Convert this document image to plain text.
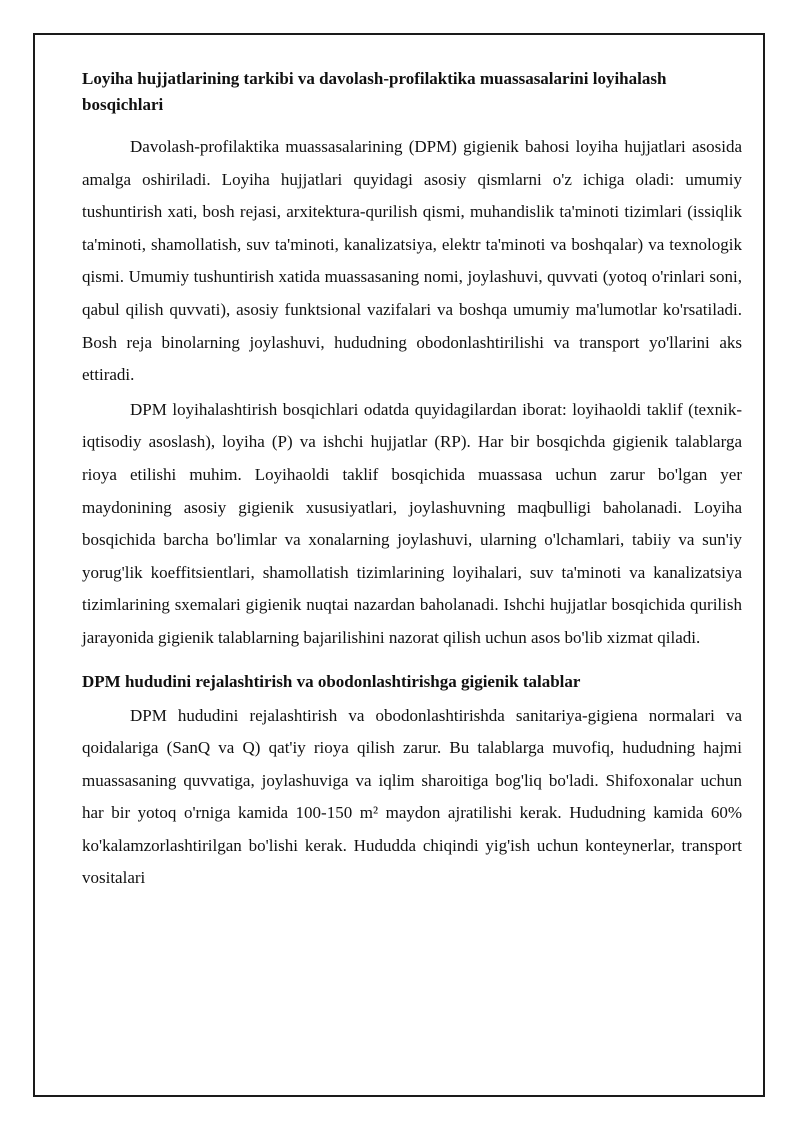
Loyiha hujjatlarining tarkibi va davolash-profilaktika muassasalarini loyihalash bosqichlari

Davolash-profilaktika muassasalarining (DPM) gigienik bahosi loyiha hujjatlari asosida amalga oshiriladi. Loyiha hujjatlari quyidagi asosiy qismlarni o'z ichiga oladi: umumiy tushuntirish xati, bosh rejasi, arxitektura-qurilish qismi, muhandislik ta'minoti tizimlari (issiqlik ta'minoti, shamollatish, suv ta'minoti, kanalizatsiya, elektr ta'minoti va boshqalar) va texnologik qismi. Umumiy tushuntirish xatida muassasaning nomi, joylashuvi, quvvati (yotoq o'rinlari soni, qabul qilish quvvati), asosiy funktsional vazifalari va boshqa umumiy ma'lumotlar ko'rsatiladi. Bosh reja binolarning joylashuvi, hududning obodonlashtirilishi va transport yo'llarini aks ettiradi.

DPM loyihalashtirish bosqichlari odatda quyidagilardan iborat: loyihaoldi taklif (texnik-iqtisodiy asoslash), loyiha (P) va ishchi hujjatlar (RP). Har bir bosqichda gigienik talablarga rioya etilishi muhim. Loyihaoldi taklif bosqichida muassasa uchun zarur bo'lgan yer maydonining asosiy gigienik xususiyatlari, joylashuvning maqbulligi baholanadi. Loyiha bosqichida barcha bo'limlar va xonalarning joylashuvi, ularning o'lchamlari, tabiiy va sun'iy yorug'lik koeffitsientlari, shamollatish tizimlarining loyihalari, suv ta'minoti va kanalizatsiya tizimlarining sxemalari gigienik nuqtai nazardan baholanadi. Ishchi hujjatlar bosqichida qurilish jarayonida gigienik talablarning bajarilishini nazorat qilish uchun asos bo'lib xizmat qiladi.

DPM hududini rejalashtirish va obodonlashtirishga gigienik talablar

DPM hududini rejalashtirish va obodonlashtirishda sanitariya-gigiena normalari va qoidalariga (SanQ va Q) qat'iy rioya qilish zarur. Bu talablarga muvofiq, hududning hajmi muassasaning quvvatiga, joylashuviga va iqlim sharoitiga bog'liq bo'ladi. Shifoxonalar uchun har bir yotoq o'rniga kamida 100-150 m² maydon ajratilishi kerak. Hududning kamida 60% ko'kalamzorlashtirilgan bo'lishi kerak. Hududda chiqindi yig'ish uchun konteynerlar, transport vositalari
